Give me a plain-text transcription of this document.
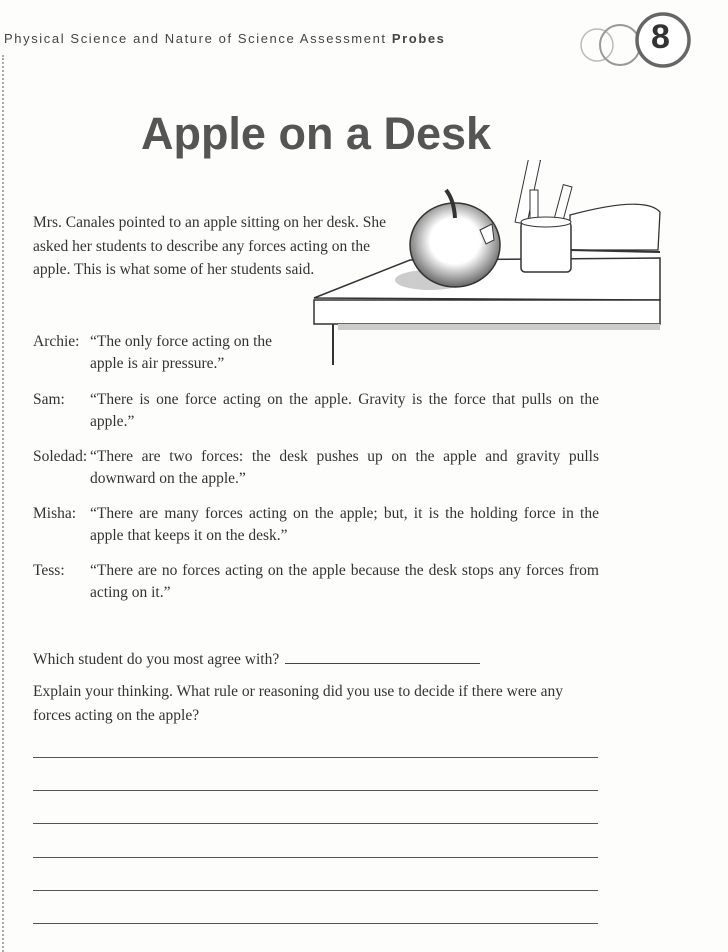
Physical Science and Nature of Science Assessment Probes	8
Apple on a Desk
Mrs. Canales pointed to an apple sitting on her desk. She asked her students to describe any forces acting on the apple. This is what some of her students said.
Archie: “The only force acting on the apple is air pressure.”
Sam:	“There is one force acting on the apple. Gravity is the force that pulls on the apple.”
Soledad: “There are two forces: the desk pushes up on the apple and gravity pulls downward on the apple.”
Misha: “There are many forces acting on the apple; but, it is the holding force in the apple that keeps it on the desk.”
Tess:	“There are no forces acting on the apple because the desk stops any forces from acting on it.”
Which student do you most agree with?
Explain your thinking. What rule or reasoning did you use to decide if there were any forces acting on the apple?
